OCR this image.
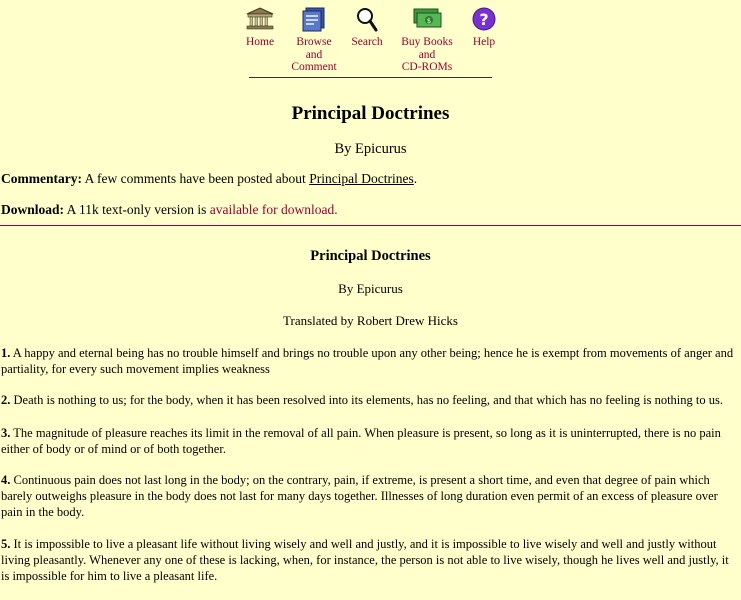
Home	Browse and
Comment
Search
$
Buy Books and
CD-ROMs
?
Help
Principal Doctrines
By Epicurus
Commentary: A few comments have been posted about Principal Doctrines.
Download: A 11k text-only version is available for download.
Principal Doctrines
By Epicurus
Translated by Robert Drew Hicks
1. A happy and eternal being has no trouble himself and brings no trouble upon any other being; hence he is exempt from movements of anger and partiality, for every such movement implies weakness
2. Death is nothing to us; for the body, when it has been resolved into its elements, has no feeling, and that which has no feeling is nothing to us.
3. The magnitude of pleasure reaches its limit in the removal of all pain. When pleasure is present, so long as it is uninterrupted, there is no pain either of body or of mind or of both together.
4. Continuous pain does not last long in the body; on the contrary, pain, if extreme, is present a short time, and even that degree of pain which barely outweighs pleasure in the body does not last for many days together. Illnesses of long duration even permit of an excess of pleasure over pain in the body.
5. It is impossible to live a pleasant life without living wisely and well and justly, and it is impossible to live wisely and well and justly without living pleasantly. Whenever any one of these is lacking, when, for instance, the person is not able to live wisely, though he lives well and justly, it is impossible for him to live a pleasant life.
